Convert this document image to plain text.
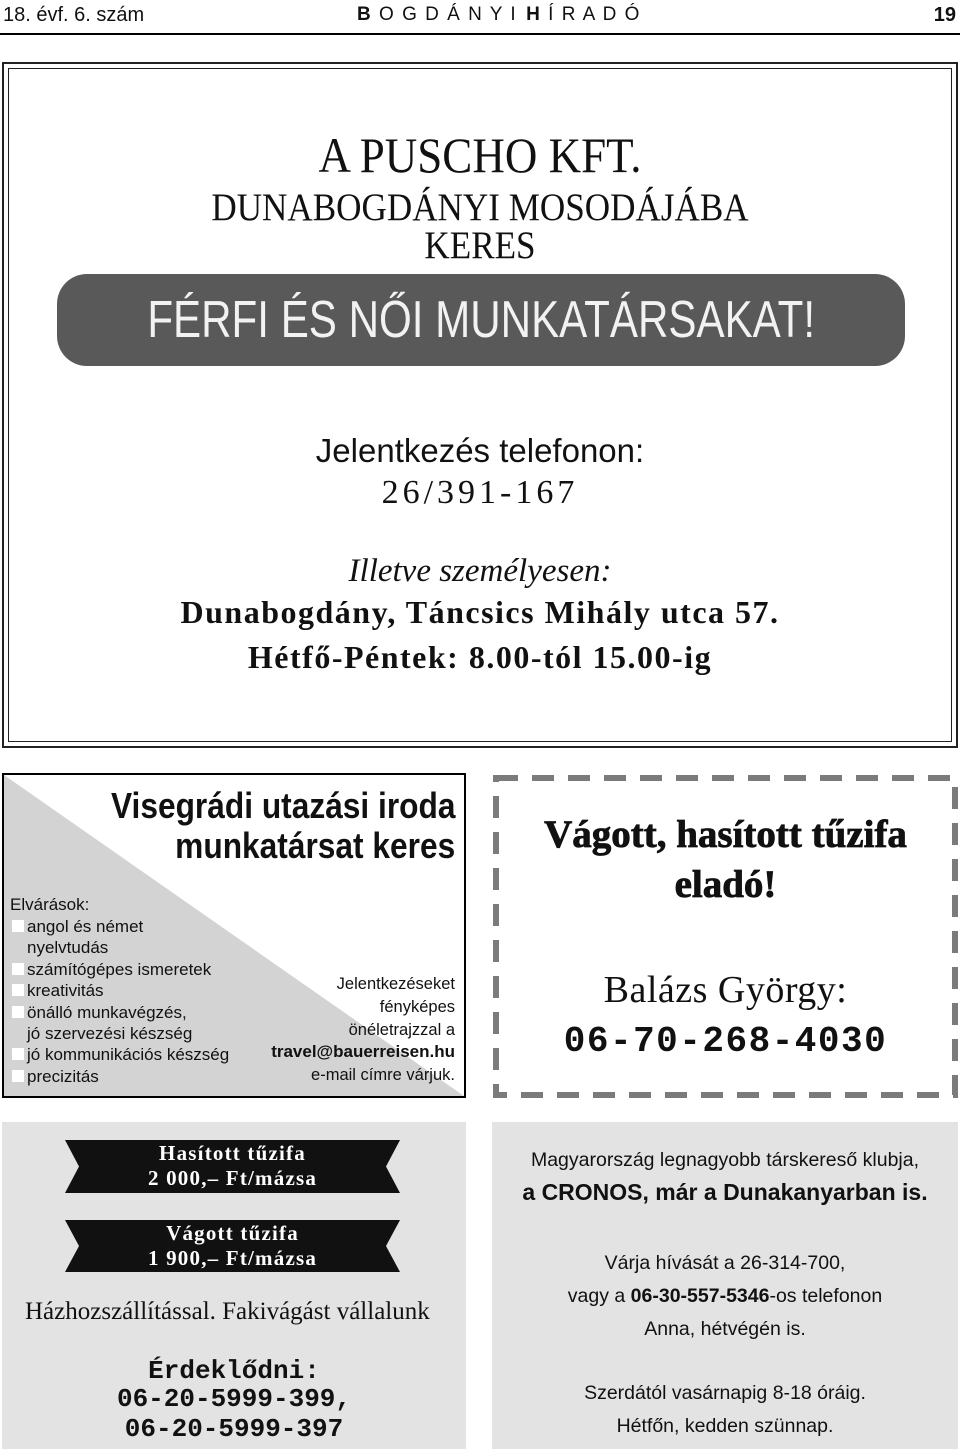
18. évf. 6. szám	B O G D Á N Y I H Í R A D Ó	19
A PUSCHO KFT.
DUNABOGDÁNYI MOSODÁJÁBA
KERES
FÉRFI ÉS NŐI MUNKATÁRSAKAT!
Jelentkezés telefonon:
26/391-167
Illetve személyesen:
Dunabogdány, Táncsics Mihály utca 57.
Hétfő-Péntek: 8.00-tól 15.00-ig
Visegrádi utazási iroda
munkatársat keres
Elvárások:
angol és német
nyelvtudás
számítógépes ismeretek
kreativitás
önálló munkavégzés,
jó szervezési készség
jó kommunikációs készség
precizitás
Jelentkezéseket
fényképes
önéletrajzzal a
travel@bauerreisen.hu
e-mail címre várjuk.
Vágott, hasított tűzifa
eladó!
Balázs György:
06-70-268-4030
Hasított tűzifa
2 000,– Ft/mázsa
Vágott tűzifa
1 900,– Ft/mázsa
Házhozszállítással. Fakivágást vállalunk
Érdeklődni:
06-20-5999-399,
06-20-5999-397
Magyarország legnagyobb társkereső klubja,
a CRONOS, már a Dunakanyarban is.
Várja hívását a 26-314-700,
vagy a 06-30-557-5346-os telefonon
Anna, hétvégén is.
Szerdától vasárnapig 8-18 óráig.
Hétfőn, kedden szünnap.
